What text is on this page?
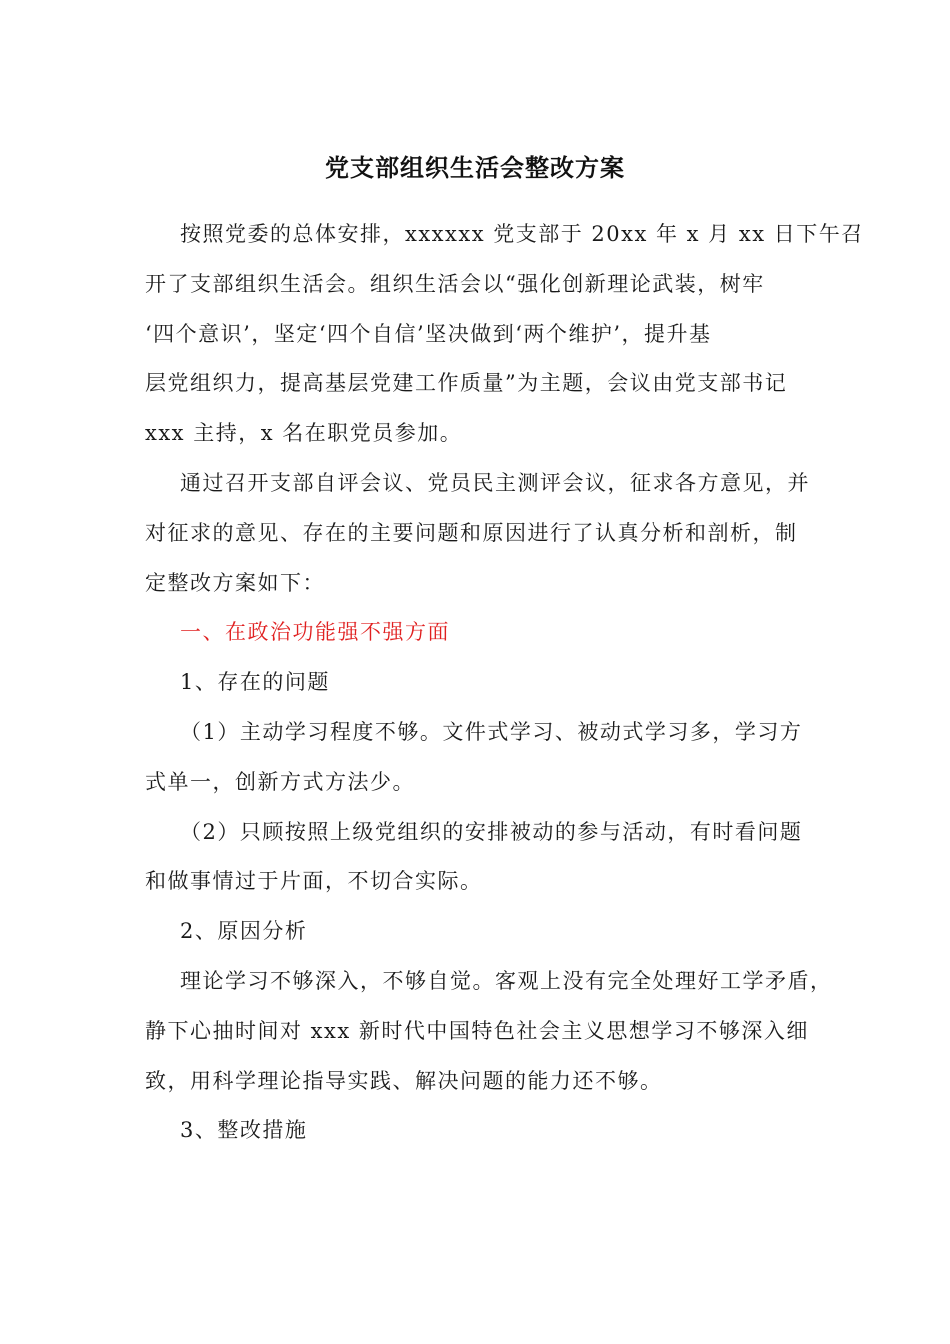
党支部组织生活会整改方案
按照党委的总体安排，xxxxxx 党支部于 20xx 年 x 月 xx 日下午召
开了支部组织生活会。组织生活会以“强化创新理论武装，树牢
‘四个意识’，坚定‘四个自信’坚决做到‘两个维护’，提升基
层党组织力，提高基层党建工作质量”为主题，会议由党支部书记
xxx 主持，x 名在职党员参加。
通过召开支部自评会议、党员民主测评会议，征求各方意见，并
对征求的意见、存在的主要问题和原因进行了认真分析和剖析，制
定整改方案如下：
一、在政治功能强不强方面
1、存在的问题
（1）主动学习程度不够。文件式学习、被动式学习多，学习方
式单一，创新方式方法少。
（2）只顾按照上级党组织的安排被动的参与活动，有时看问题
和做事情过于片面，不切合实际。
2、原因分析
理论学习不够深入，不够自觉。客观上没有完全处理好工学矛盾，
静下心抽时间对 xxx 新时代中国特色社会主义思想学习不够深入细
致，用科学理论指导实践、解决问题的能力还不够。
3、整改措施
